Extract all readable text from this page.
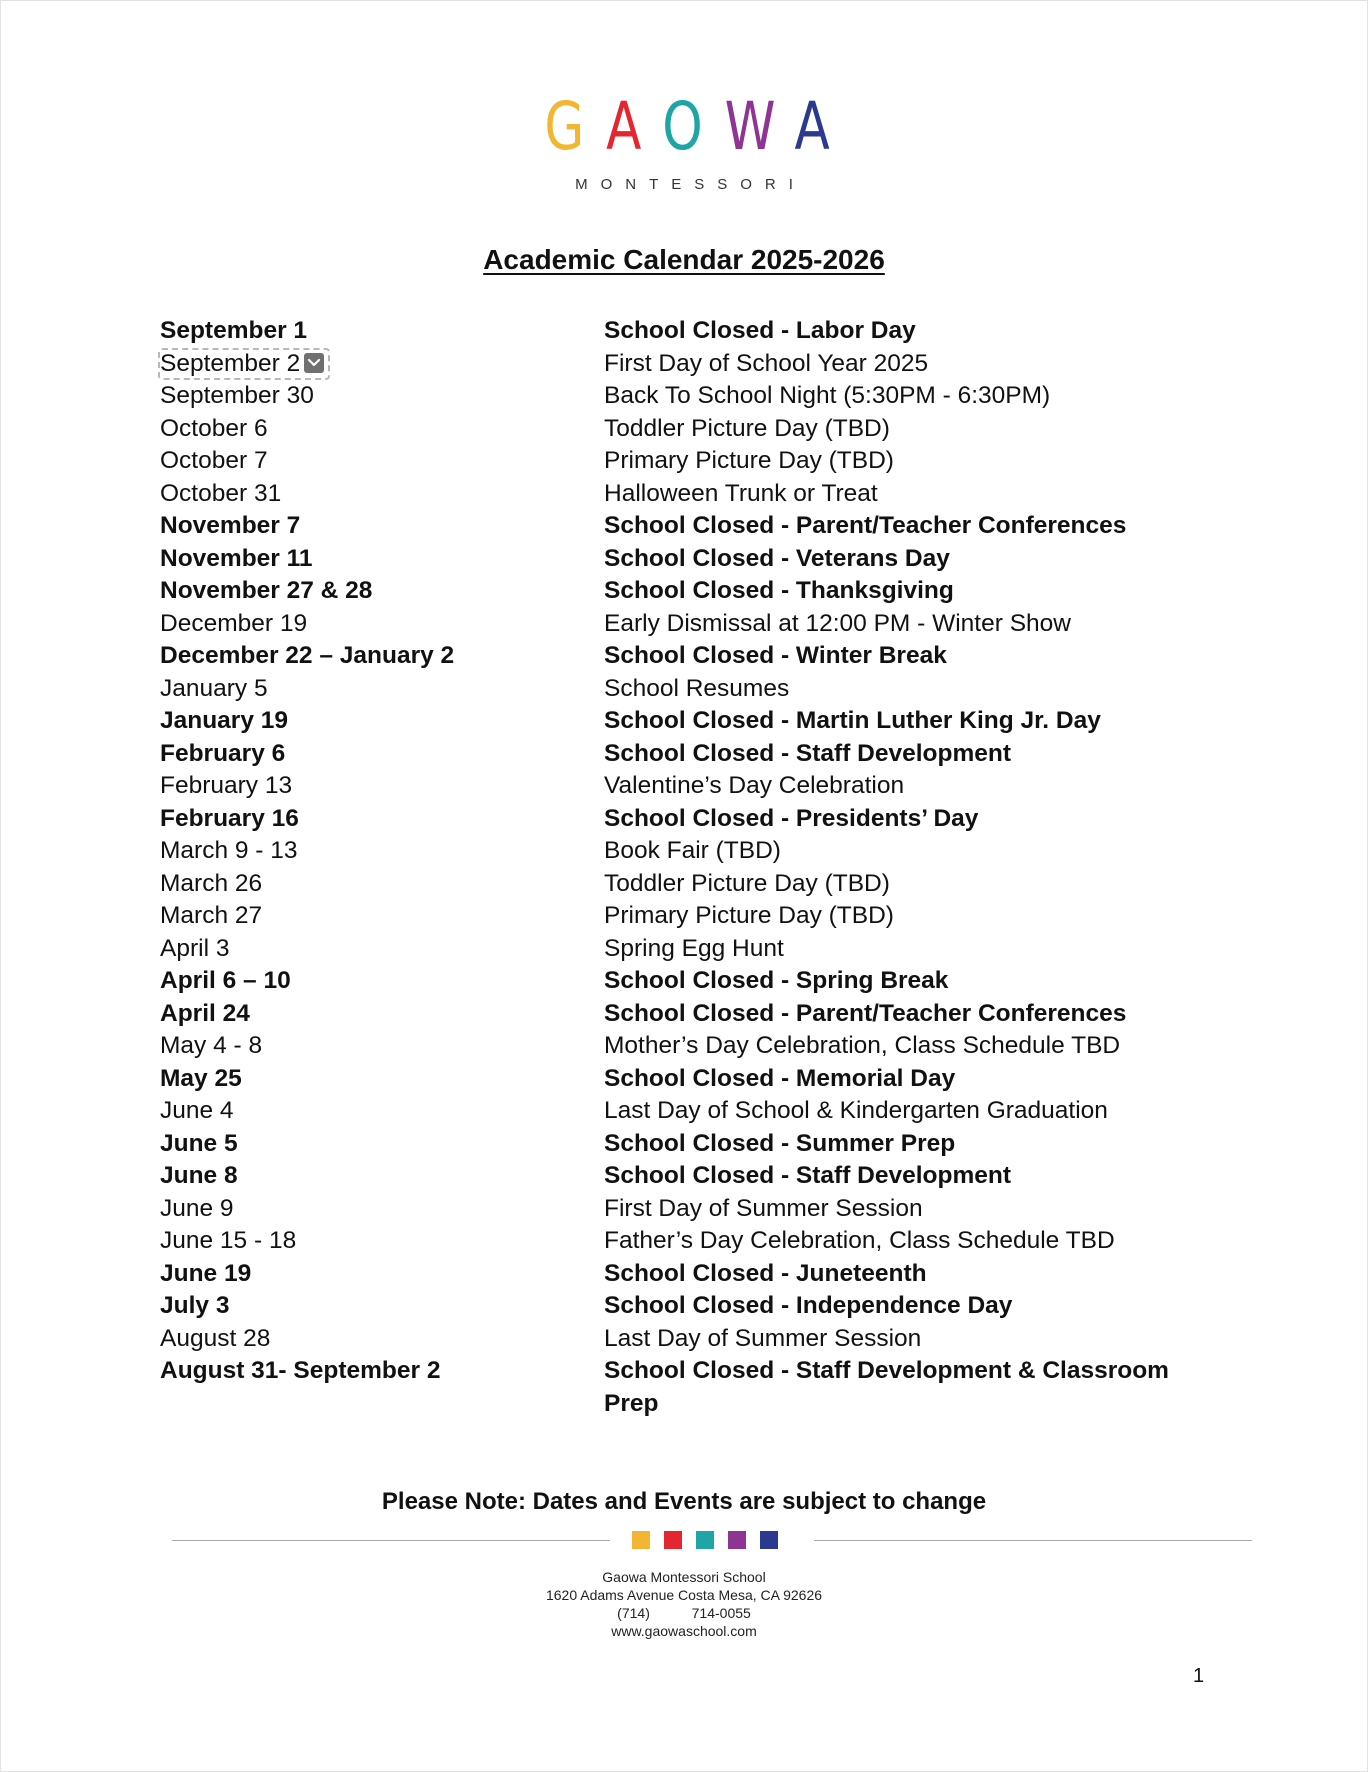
GAOWA
MONTESSORI
Academic Calendar 2025-2026
September 1	School Closed - Labor Day
September 2	First Day of School Year 2025
September 30	Back To School Night (5:30PM - 6:30PM)
October 6	Toddler Picture Day (TBD)
October 7	Primary Picture Day (TBD)
October 31	Halloween Trunk or Treat
November 7	School Closed - Parent/Teacher Conferences
November 11	School Closed - Veterans Day
November 27 & 28	School Closed - Thanksgiving
December 19	Early Dismissal at 12:00 PM - Winter Show
December 22 – January 2	School Closed - Winter Break
January 5	School Resumes
January 19	School Closed - Martin Luther King Jr. Day
February 6	School Closed - Staff Development
February 13	Valentine’s Day Celebration
February 16	School Closed - Presidents’ Day
March 9 - 13	Book Fair (TBD)
March 26	Toddler Picture Day (TBD)
March 27	Primary Picture Day (TBD)
April 3	Spring Egg Hunt
April 6 – 10	School Closed - Spring Break
April 24	School Closed - Parent/Teacher Conferences
May 4 - 8	Mother’s Day Celebration, Class Schedule TBD
May 25	School Closed - Memorial Day
June 4	Last Day of School & Kindergarten Graduation
June 5	School Closed - Summer Prep
June 8	School Closed - Staff Development
June 9	First Day of Summer Session
June 15 - 18	Father’s Day Celebration, Class Schedule TBD
June 19	School Closed - Juneteenth
July 3	School Closed - Independence Day
August 28	Last Day of Summer Session
August 31- September 2	School Closed - Staff Development & Classroom Prep
Please Note: Dates and Events are subject to change
Gaowa Montessori School
1620 Adams Avenue Costa Mesa, CA 92626
(714)	714-0055
www.gaowaschool.com
1
